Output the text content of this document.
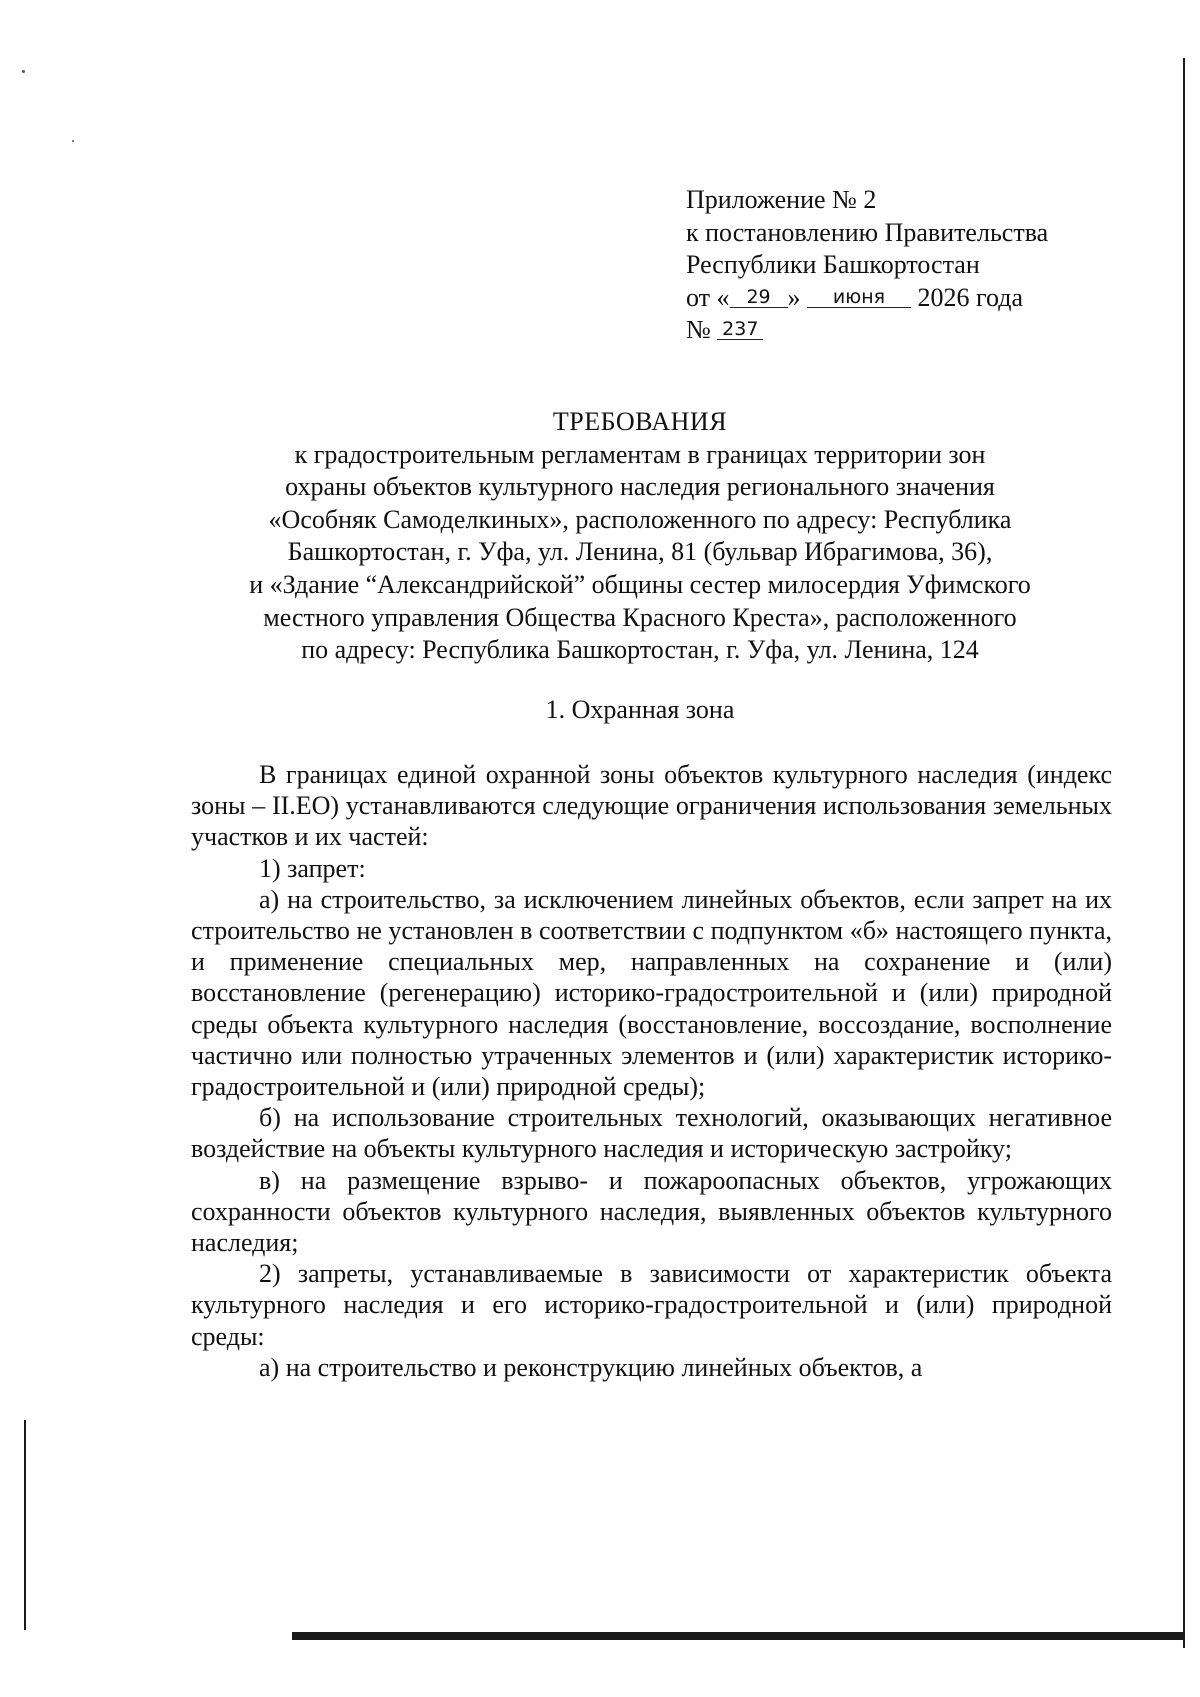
Приложение № 2
к постановлению Правительства
Республики Башкортостан
от « 29 » июня 2026 года
№ 237
ТРЕБОВАНИЯ
к градостроительным регламентам в границах территории зон
охраны объектов культурного наследия регионального значения
«Особняк Самоделкиных», расположенного по адресу: Республика
Башкортостан, г. Уфа, ул. Ленина, 81 (бульвар Ибрагимова, 36),
и «Здание “Александрийской” общины сестер милосердия Уфимского
местного управления Общества Красного Креста», расположенного
по адресу: Республика Башкортостан, г. Уфа, ул. Ленина, 124
1. Охранная зона

В границах единой охранной зоны объектов культурного наследия (индекс зоны – II.ЕО) устанавливаются следующие ограничения использования земельных участков и их частей:

1) запрет:

а) на строительство, за исключением линейных объектов, если запрет на их строительство не установлен в соответствии с подпунктом «б» настоящего пункта, и применение специальных мер, направленных на сохранение и (или) восстановление (регенерацию) историко-градостроительной и (или) природной среды объекта культурного наследия (восстановление, воссоздание, восполнение частично или полностью утраченных элементов и (или) характеристик историко-градостроительной и (или) природной среды);

б) на использование строительных технологий, оказывающих негативное воздействие на объекты культурного наследия и историческую застройку;

в) на размещение взрыво- и пожароопасных объектов, угрожающих сохранности объектов культурного наследия, выявленных объектов культурного наследия;

2) запреты, устанавливаемые в зависимости от характеристик объекта культурного наследия и его историко-градостроительной и (или) природной среды:

а) на строительство и реконструкцию линейных объектов, а
